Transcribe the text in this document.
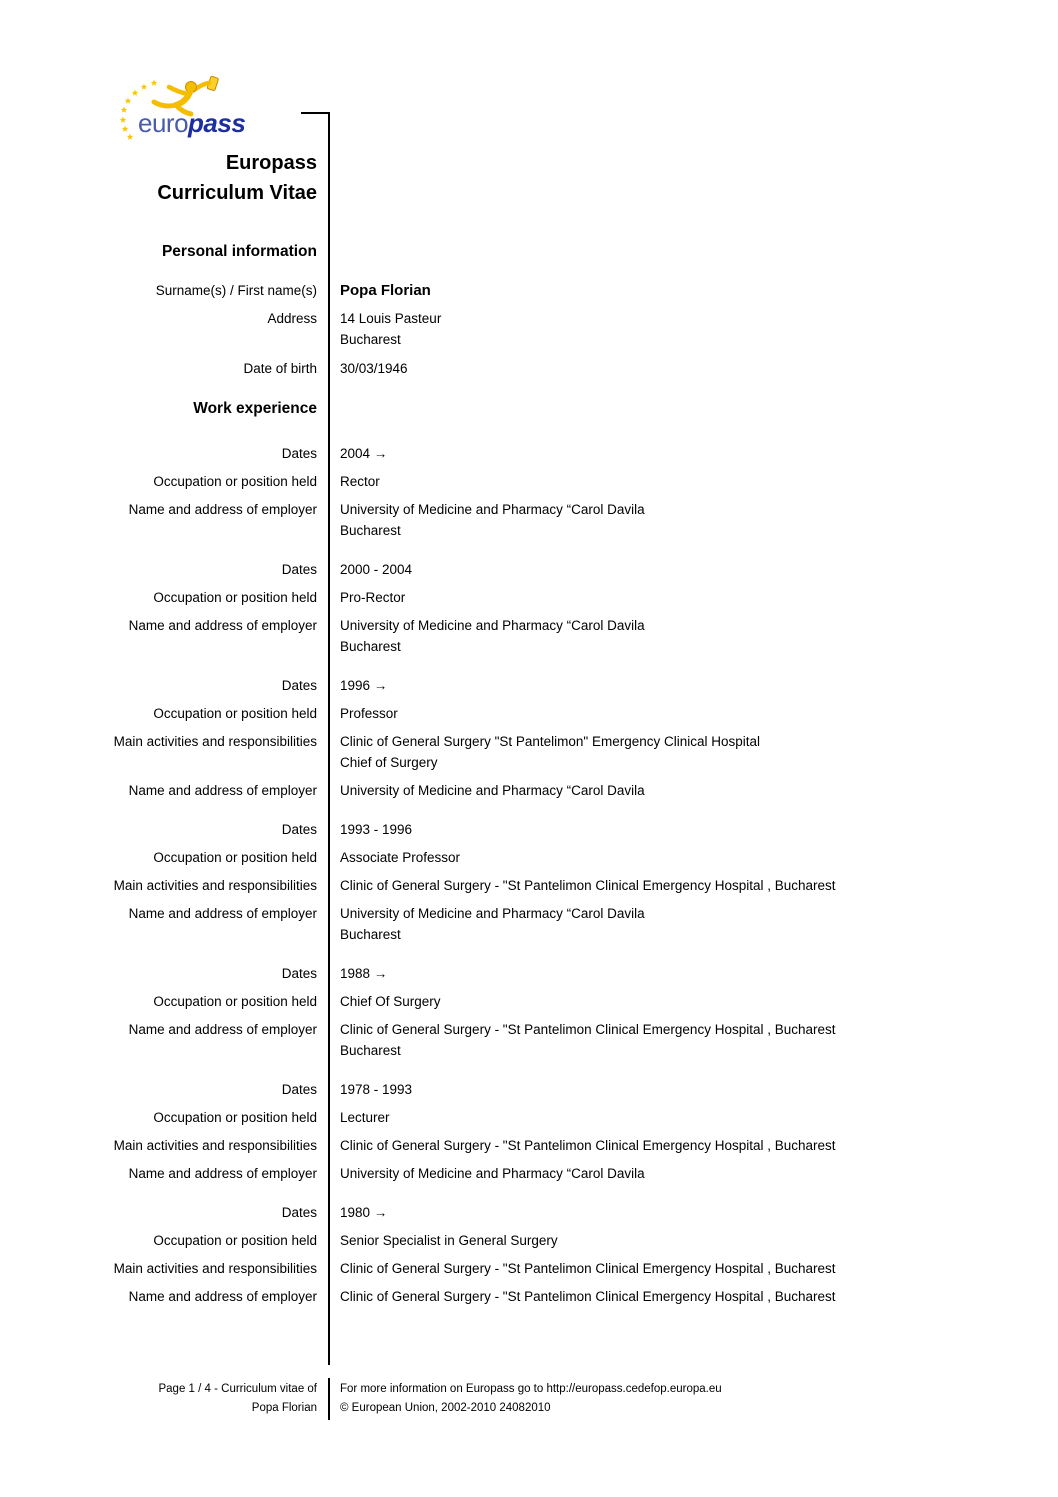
europass
Europass
Curriculum Vitae
Personal information
Surname(s) / First name(s) Popa Florian
Address 14 Louis Pasteur
Bucharest
Date of birth 30/03/1946
Work experience
Dates 2004 →
Occupation or position held Rector
Name and address of employer University of Medicine and Pharmacy “Carol Davila
Bucharest
Dates 2000 - 2004
Occupation or position held Pro-Rector
Name and address of employer University of Medicine and Pharmacy “Carol Davila
Bucharest
Dates 1996 →
Occupation or position held Professor
Main activities and responsibilities Clinic of General Surgery "St Pantelimon" Emergency Clinical Hospital
Chief of Surgery
Name and address of employer University of Medicine and Pharmacy “Carol Davila
Dates 1993 - 1996
Occupation or position held Associate Professor
Main activities and responsibilities Clinic of General Surgery - "St Pantelimon Clinical Emergency Hospital , Bucharest
Name and address of employer University of Medicine and Pharmacy “Carol Davila
Bucharest
Dates 1988 →
Occupation or position held Chief Of Surgery
Name and address of employer Clinic of General Surgery - "St Pantelimon Clinical Emergency Hospital , Bucharest
Bucharest
Dates 1978 - 1993
Occupation or position held Lecturer
Main activities and responsibilities Clinic of General Surgery - "St Pantelimon Clinical Emergency Hospital , Bucharest
Name and address of employer University of Medicine and Pharmacy “Carol Davila
Dates 1980 →
Occupation or position held Senior Specialist in General Surgery
Main activities and responsibilities Clinic of General Surgery - "St Pantelimon Clinical Emergency Hospital , Bucharest
Name and address of employer Clinic of General Surgery - "St Pantelimon Clinical Emergency Hospital , Bucharest
Page 1 / 4 - Curriculum vitae of
Popa Florian
For more information on Europass go to http://europass.cedefop.europa.eu
© European Union, 2002-2010 24082010
